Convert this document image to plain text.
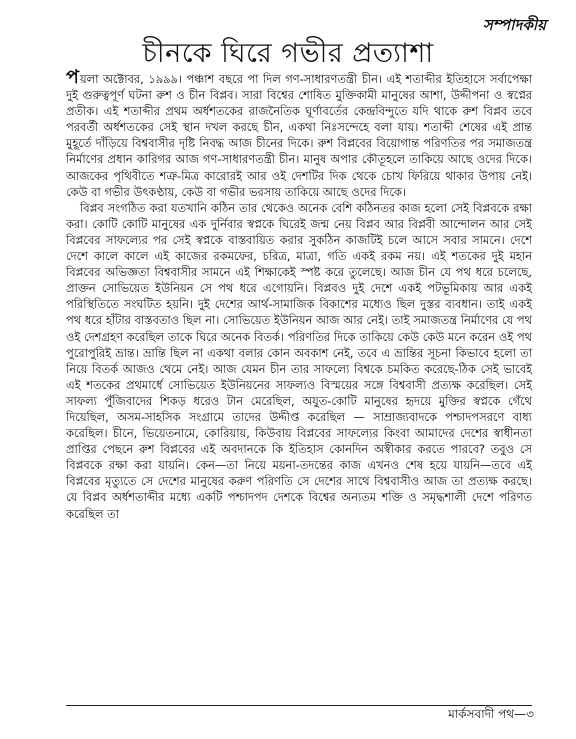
সম্পাদকীয়
চীনকে ঘিরে গভীর প্রত্যাশা

পয়লা অক্টোবর, ১৯৯৯। পঞ্চাশ বছরে পা দিল গণ-সাধারণতন্ত্রী চীন। এই শতাব্দীর ইতিহাসে সর্বাপেক্ষা দুই গুরুত্বপূর্ণ ঘটনা রুশ ও চীন বিপ্লব। সারা বিশ্বের শোষিত মুক্তিকামী মানুষের আশা, উদ্দীপনা ও স্বপ্নের প্রতীক। এই শতাব্দীর প্রথম অর্ধশতকের রাজনৈতিক ঘূর্ণাবর্তের কেন্দ্রবিন্দুতে যদি থাকে রুশ বিপ্লব তবে পরবর্তী অর্ধশতকের সেই স্থান দখল করছে চীন, একথা নিঃসন্দেহে বলা যায়। শতাব্দী শেষের এই প্রান্ত মুহূর্তে দাঁড়িয়ে বিশ্ববাসীর দৃষ্টি নিবদ্ধ আজ চীনের দিকে। রুশ বিপ্লবের বিয়োগান্ত পরিণতির পর সমাজতন্ত্র নির্মাণের প্রধান কারিগর আজ গণ-সাধারণতন্ত্রী চীন। মানুষ অপার কৌতূহলে তাকিয়ে আছে ওদের দিকে। আজকের পৃথিবীতে শত্রু-মিত্র কারোরই আর ওই দেশটির দিক থেকে চোখ ফিরিয়ে থাকার উপায় নেই। কেউ বা গভীর উৎকণ্ঠায়, কেউ বা গভীর ভরসায় তাকিয়ে আছে ওদের দিকে।

বিপ্লব সংগঠিত করা যতখানি কঠিন তার থেকেও অনেক বেশি কঠিনতর কাজ হলো সেই বিপ্লবকে রক্ষা করা। কোটি কোটি মানুষের এক দুর্নিবার স্বপ্নকে ঘিরেই জন্ম নেয় বিপ্লব আর বিপ্লবী আন্দোলন আর সেই বিপ্লবের সাফল্যের পর সেই স্বপ্নকে বাস্তবায়িত করার সুকঠিন কাজটিই চলে আসে সবার সামনে। দেশে দেশে কালে কালে এই কাজের রকমফের, চরিত্র, মাত্রা, গতি একই রকম নয়। এই শতকের দুই মহান বিপ্লবের অভিজ্ঞতা বিশ্ববাসীর সামনে এই শিক্ষাকেই স্পষ্ট করে তুলেছে। আজ চীন যে পথ ধরে চলেছে, প্রাক্তন সোভিয়েত ইউনিয়ন সে পথ ধরে এগোয়নি। বিপ্লবও দুই দেশে একই পটভূমিকায় আর একই পরিস্থিতিতে সংঘটিত হয়নি। দুই দেশের আর্থ-সামাজিক বিকাশের মধ্যেও ছিল দুস্তর ব্যবধান। তাই একই পথ ধরে হাঁটার বাস্তবতাও ছিল না। সোভিয়েত ইউনিয়ন আজ আর নেই। তাই সমাজতন্ত্র নির্মাণের যে পথ ওই দেশগ্রহণ করেছিল তাকে ঘিরে অনেক বিতর্ক। পরিণতির দিকে তাকিয়ে কেউ কেউ মনে করেন ওই পথ পুরোপুরিই ভ্রান্ত। ভ্রান্তি ছিল না একথা বলার কোন অবকাশ নেই, তবে এ ভ্রান্তির সূচনা কিভাবে হলো তা নিয়ে বিতর্ক আজও থেমে নেই। আজ যেমন চীন তার সাফল্যে বিশ্বকে চমকিত করেছে-ঠিক সেই ভাবেই এই শতকের প্রথমার্ধে সোভিয়েত ইউনিয়নের সাফল্যও বিস্ময়ের সঙ্গে বিশ্ববাসী প্রত্যক্ষ করেছিল। সেই সাফল্য পুঁজিবাদের শিকড় ধরেও টান মেরেছিল, অযুত-কোটি মানুষের হৃদয়ে মুক্তির স্বপ্নকে গেঁথে দিয়েছিল, অসম-সাহসিক সংগ্রামে তাদের উদ্দীপ্ত করেছিল — সাম্রাজ্যবাদকে পশ্চাদপসরণে বাধ্য করেছিল। চীনে, ভিয়েতনামে, কোরিয়ায়, কিউবায় বিপ্লবের সাফল্যের কিংবা আমাদের দেশের স্বাধীনতা প্রাপ্তির পেছনে রুশ বিপ্লবের এই অবদানকে কি ইতিহাস কোনদিন অস্বীকার করতে পারবে? তবুও সে বিপ্লবকে রক্ষা করা যায়নি। কেন—তা নিয়ে ময়না-তদন্তের কাজ এখনও শেষ হয়ে যায়নি—তবে এই বিপ্লবের মৃত্যুতে সে দেশের মানুষের করুণ পরিণতি সে দেশের সাথে বিশ্ববাসীও আজ তা প্রত্যক্ষ করছে। যে বিপ্লব অর্ধশতাব্দীর মধ্যে একটি পশ্চাদপদ দেশকে বিশ্বের অন্যতম শক্তি ও সমৃদ্ধশালী দেশে পরিণত করেছিল তা

মার্কসবাদী পথ—৩
